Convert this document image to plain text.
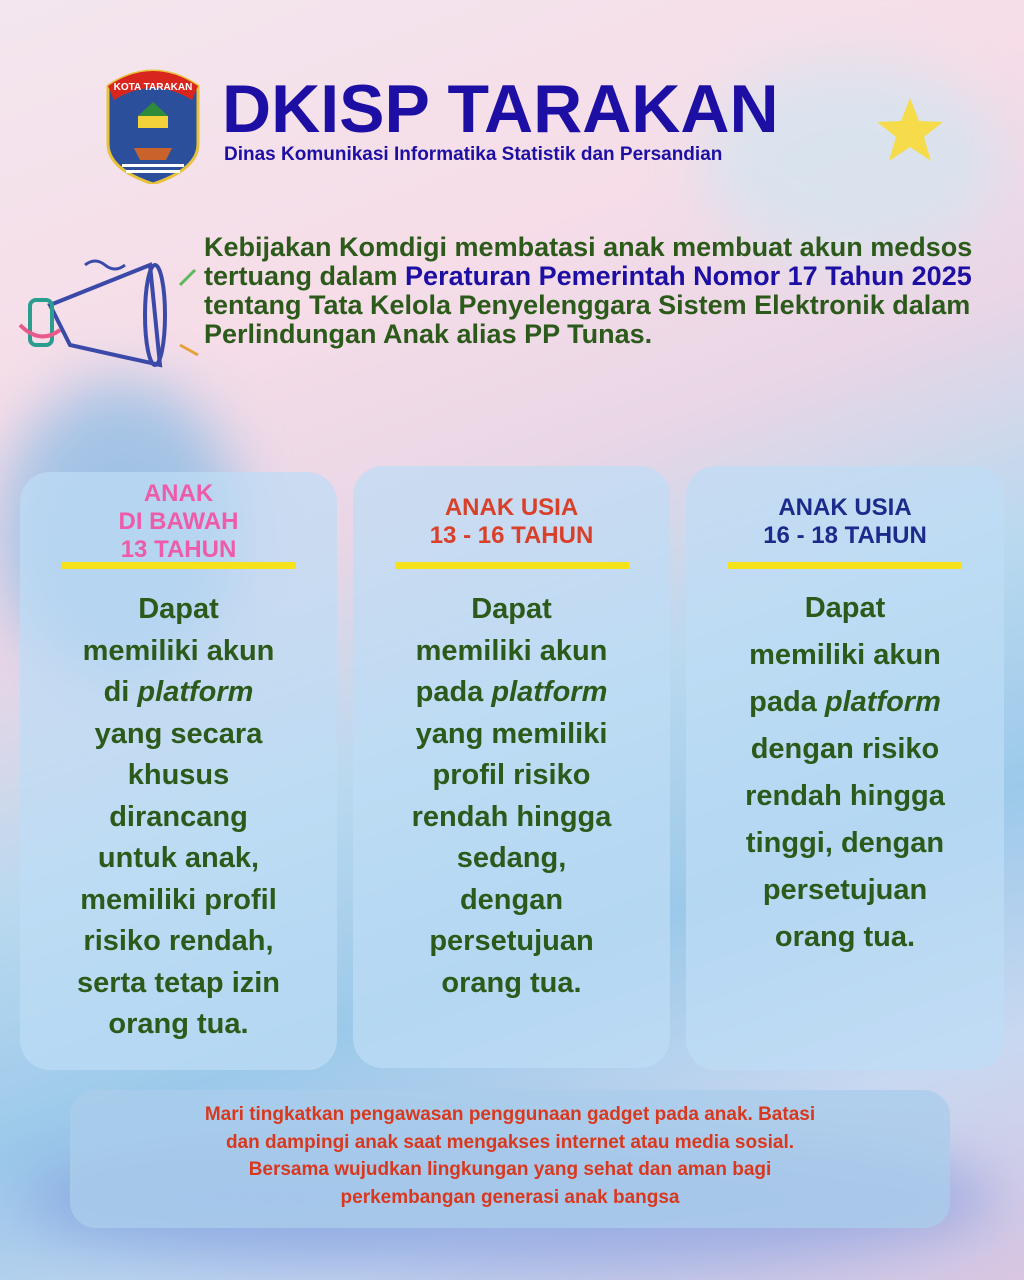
KOTA TARAKAN DKISP TARAKAN
Dinas Komunikasi Informatika Statistik dan Persandian
Kebijakan Komdigi membatasi anak membuat akun medsos tertuang dalam Peraturan Pemerintah Nomor 17 Tahun 2025 tentang Tata Kelola Penyelenggara Sistem Elektronik dalam Perlindungan Anak alias PP Tunas.
ANAK
DI BAWAH
13 TAHUN
Dapat
memiliki akun
di platform
yang secara
khusus
dirancang
untuk anak,
memiliki profil
risiko rendah,
serta tetap izin
orang tua.
ANAK USIA
13 - 16 TAHUN
Dapat
memiliki akun
pada platform
yang memiliki
profil risiko
rendah hingga
sedang,
dengan
persetujuan
orang tua.
ANAK USIA
16 - 18 TAHUN
Dapat
memiliki akun
pada platform
dengan risiko
rendah hingga
tinggi, dengan
persetujuan
orang tua.
Mari tingkatkan pengawasan penggunaan gadget pada anak. Batasi
dan dampingi anak saat mengakses internet atau media sosial.
Bersama wujudkan lingkungan yang sehat dan aman bagi
perkembangan generasi anak bangsa
